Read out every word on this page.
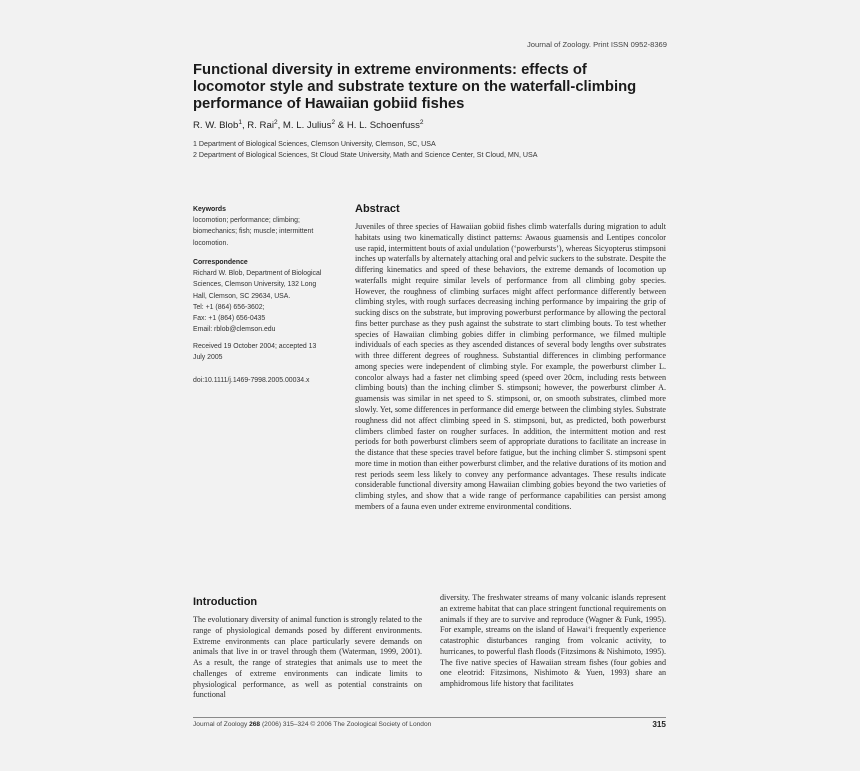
Journal of Zoology. Print ISSN 0952-8369
Functional diversity in extreme environments: effects of locomotor style and substrate texture on the waterfall-climbing performance of Hawaiian gobiid fishes
R. W. Blob$^1$, R. Rai$^2$, M. L. Julius$^2$ & H. L. Schoenfuss$^2$
1 Department of Biological Sciences, Clemson University, Clemson, SC, USA
2 Department of Biological Sciences, St Cloud State University, Math and Science Center, St Cloud, MN, USA
Keywords
locomotion; performance; climbing; biomechanics; fish; muscle; intermittent locomotion.
Correspondence
Richard W. Blob, Department of Biological
Sciences, Clemson University, 132 Long
Hall, Clemson, SC 29634, USA.
Tel: +1 (864) 656-3602;
Fax: +1 (864) 656-0435
Email: rblob@clemson.edu
Received 19 October 2004; accepted 13 July 2005
doi:10.1111/j.1469-7998.2005.00034.x
Abstract
Juveniles of three species of Hawaiian gobiid fishes climb waterfalls during migration to adult habitats using two kinematically distinct patterns: Awaous guamensis and Lentipes concolor use rapid, intermittent bouts of axial undulation (‘powerbursts’), whereas Sicyopterus stimpsoni inches up waterfalls by alternately attaching oral and pelvic suckers to the substrate. Despite the differing kinematics and speed of these behaviors, the extreme demands of locomotion up waterfalls might require similar levels of performance from all climbing goby species. However, the roughness of climbing surfaces might affect performance differently between climbing styles, with rough surfaces decreasing inching performance by impairing the grip of sucking discs on the substrate, but improving powerburst performance by allowing the pectoral fins better purchase as they push against the substrate to start climbing bouts. To test whether species of Hawaiian climbing gobies differ in climbing performance, we filmed multiple individuals of each species as they ascended distances of several body lengths over substrates with three different degrees of roughness. Substantial differences in climbing performance among species were independent of climbing style. For example, the powerburst climber L. concolor always had a faster net climbing speed (speed over 20cm, including rests between climbing bouts) than the inching climber S. stimpsoni; however, the powerburst climber A. guamensis was similar in net speed to S. stimpsoni, or, on smooth substrates, climbed more slowly. Yet, some differences in performance did emerge between the climbing styles. Substrate roughness did not affect climbing speed in S. stimpsoni, but, as predicted, both powerburst climbers climbed faster on rougher surfaces. In addition, the intermittent motion and rest periods for both powerburst climbers seem of appropriate durations to facilitate an increase in the distance that these species travel before fatigue, but the inching climber S. stimpsoni spent more time in motion than either powerburst climber, and the relative durations of its motion and rest periods seem less likely to convey any performance advantages. These results indicate considerable functional diversity among Hawaiian climbing gobies beyond the two varieties of climbing styles, and show that a wide range of performance capabilities can persist among members of a fauna even under extreme environmental conditions.
Introduction
The evolutionary diversity of animal function is strongly related to the range of physiological demands posed by different environments. Extreme environments can place particularly severe demands on animals that live in or travel through them (Waterman, 1999, 2001). As a result, the range of strategies that animals use to meet the challenges of extreme environments can indicate limits to physiological performance, as well as potential constraints on functional
diversity. The freshwater streams of many volcanic islands represent an extreme habitat that can place stringent functional requirements on animals if they are to survive and reproduce (Wagner & Funk, 1995). For example, streams on the island of Hawai‘i frequently experience catastrophic disturbances ranging from volcanic activity, to hurricanes, to powerful flash floods (Fitzsimons & Nishimoto, 1995). The five native species of Hawaiian stream fishes (four gobies and one eleotrid: Fitzsimons, Nishimoto & Yuen, 1993) share an amphidromous life history that facilitates
Journal of Zoology 268 (2006) 315–324 © 2006 The Zoological Society of London	315
